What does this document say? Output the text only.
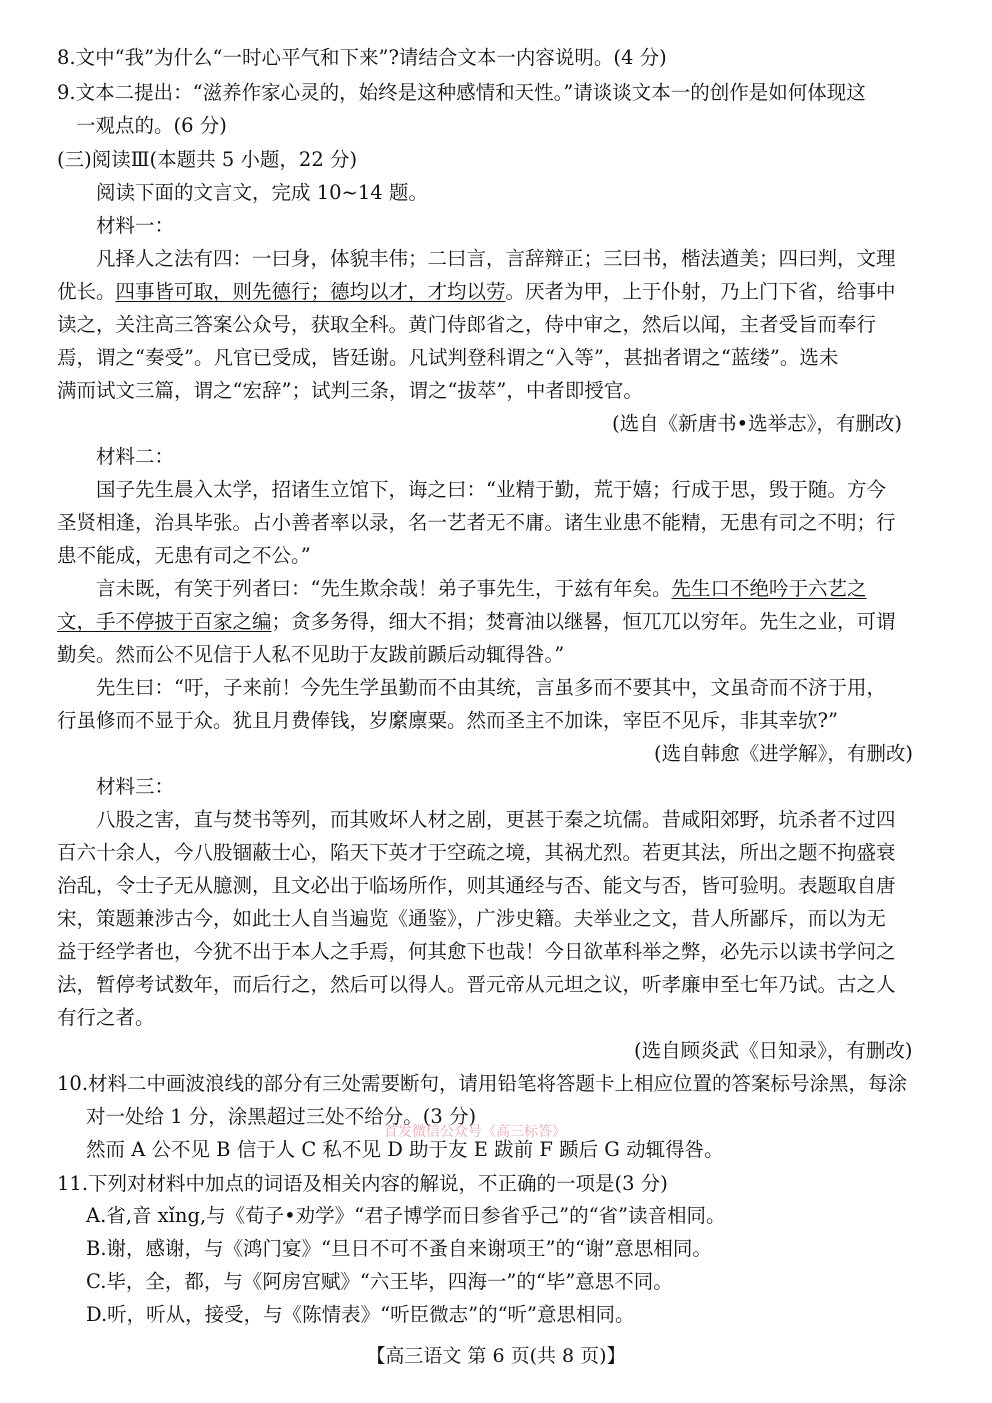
8.文中“我”为什么“一时心平气和下来”?请结合文本一内容说明。(4 分)
9.文本二提出：“滋养作家心灵的，始终是这种感情和天性。”请谈谈文本一的创作是如何体现这
一观点的。(6 分)
(三)阅读Ⅲ(本题共 5 小题，22 分)
阅读下面的文言文，完成 10~14 题。
材料一：
凡择人之法有四：一曰身，体貌丰伟；二曰言，言辞辩正；三曰书，楷法遒美；四曰判，文理
优长。四事皆可取，则先德行；德均以才，才均以劳。厌者为甲，上于仆射，乃上门下省，给事中
读之，关注高三答案公众号，获取全科。黄门侍郎省之，侍中审之，然后以闻，主者受旨而奉行
焉，谓之“奏受”。凡官已受成，皆廷谢。凡试判登科谓之“入等”，甚拙者谓之“蓝缕”。选未
满而试文三篇，谓之“宏辞”；试判三条，谓之“拔萃”，中者即授官。
(选自《新唐书•选举志》，有删改)
材料二：
国子先生晨入太学，招诸生立馆下，诲之曰：“业精于勤，荒于嬉；行成于思，毁于随。方今
圣贤相逢，治具毕张。占小善者率以录，名一艺者无不庸。诸生业患不能精，无患有司之不明；行
患不能成，无患有司之不公。”
言未既，有笑于列者曰：“先生欺余哉！弟子事先生，于兹有年矣。先生口不绝吟于六艺之
文，手不停披于百家之编；贪多务得，细大不捐；焚膏油以继晷，恒兀兀以穷年。先生之业，可谓
勤矣。然而公不见信于人私不见助于友跋前踬后动辄得咎。”
先生曰：“吁，子来前！今先生学虽勤而不由其统，言虽多而不要其中，文虽奇而不济于用，
行虽修而不显于众。犹且月费俸钱，岁縻廪粟。然而圣主不加诛，宰臣不见斥，非其幸欤?”
(选自韩愈《进学解》，有删改)
材料三：
八股之害，直与焚书等列，而其败坏人材之剧，更甚于秦之坑儒。昔咸阳郊野，坑杀者不过四
百六十余人，今八股锢蔽士心，陷天下英才于空疏之境，其祸尤烈。若更其法，所出之题不拘盛衰
治乱，令士子无从臆测，且文必出于临场所作，则其通经与否、能文与否，皆可验明。表题取自唐
宋，策题兼涉古今，如此士人自当遍览《通鉴》，广涉史籍。夫举业之文，昔人所鄙斥，而以为无
益于经学者也，今犹不出于本人之手焉，何其愈下也哉！今日欲革科举之弊，必先示以读书学问之
法，暂停考试数年，而后行之，然后可以得人。晋元帝从元坦之议，听孝廉申至七年乃试。古之人
有行之者。
(选自顾炎武《日知录》，有删改)
10.材料二中画波浪线的部分有三处需要断句，请用铅笔将答题卡上相应位置的答案标号涂黑，每涂
对一处给 1 分，涂黑超过三处不给分。(3 分)
首发微信公众号《高三标答》
然而 A 公不见 B 信于人 C 私不见 D 助于友 E 跋前 F 踬后 G 动辄得咎。
11.下列对材料中加点的词语及相关内容的解说，不正确的一项是(3 分)
A.省,音 xǐng,与《荀子•劝学》“君子博学而日参省乎己”的“省”读音相同。
B.谢，感谢，与《鸿门宴》“旦日不可不蚤自来谢项王”的“谢”意思相同。
C.毕，全，都，与《阿房宫赋》“六王毕，四海一”的“毕”意思不同。
D.听，听从，接受，与《陈情表》“听臣微志”的“听”意思相同。
【高三语文 第 6 页(共 8 页)】
